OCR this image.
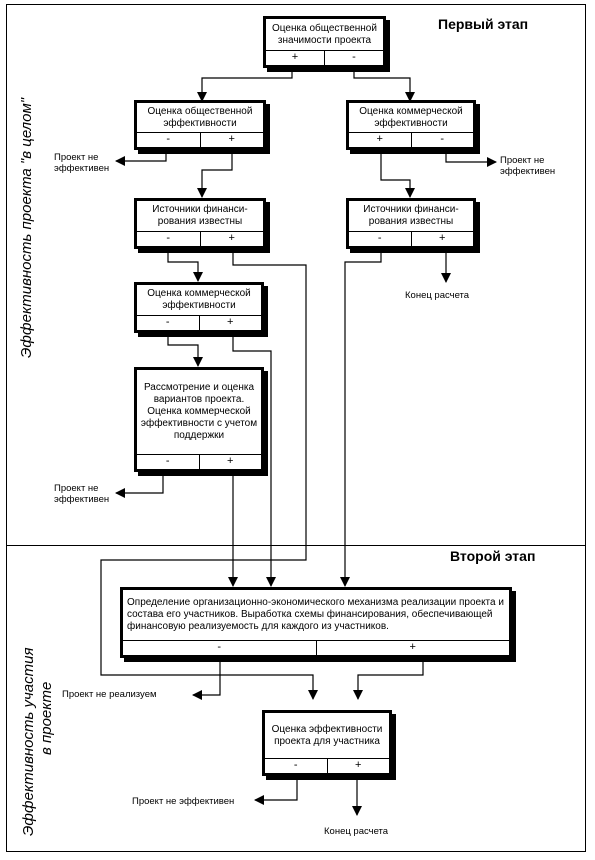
Первый этап
Второй этап
Эффективность проекта "в целом"
Эффективность участия в проекте
Оценка общественной значимости проекта
+	-
Оценка общественной эффективности
-	+
Оценка коммерческой эффективности
+	-
Источники финанси-рования известны
-	+
Источники финанси-рования известны
-	+
Оценка коммерческой эффективности
-	+
Рассмотрение и оценка вариантов проекта. Оценка коммерческой эффективности с учетом поддержки
-	+
Определение организационно-экономического механизма реализации проекта и состава его участников. Выработка схемы финансирования, обеспечивающей финансовую реализуемость для каждого из участников.
-	+
Оценка эффективности проекта для участника
-	+
Проект не эффективен
Проект не эффективен
Конец расчета
Проект не эффективен
Проект не реализуем
Проект не эффективен
Конец расчета
